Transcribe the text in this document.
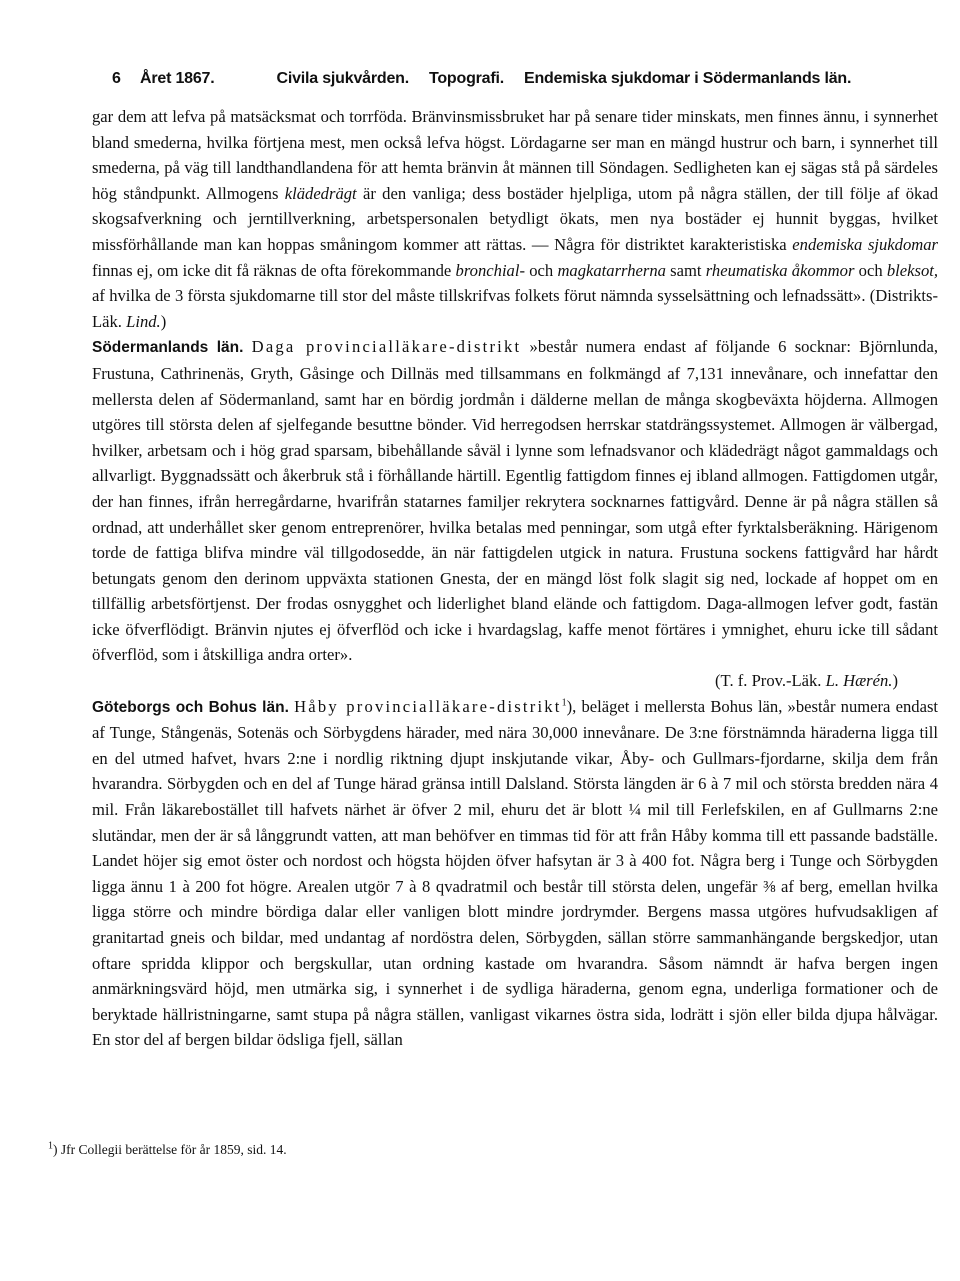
6	Året 1867.	Civila sjukvården. Topografi. Endemiska sjukdomar i Södermanlands län.

gar dem att lefva på matsäcksmat och torrföda. Bränvinsmissbruket har på senare tider minskats, men finnes ännu, i synnerhet bland smederna, hvilka förtjena mest, men också lefva högst. Lördagarne ser man en mängd hustrur och barn, i synnerhet till smederna, på väg till landthandlandena för att hemta bränvin åt männen till Söndagen. Sedligheten kan ej sägas stå på särdeles hög ståndpunkt. Allmogens klädedrägt är den vanliga; dess bostäder hjelpliga, utom på några ställen, der till följe af ökad skogsafverkning och jerntillverkning, arbetspersonalen betydligt ökats, men nya bostäder ej hunnit byggas, hvilket missförhållande man kan hoppas småningom kommer att rättas. — Några för distriktet karakteristiska endemiska sjukdomar finnas ej, om icke dit få räknas de ofta förekommande bronchial- och magkatarrherna samt rheumatiska åkommor och bleksot, af hvilka de 3 första sjukdomarne till stor del måste tillskrifvas folkets förut nämnda sysselsättning och lefnadssätt». (Distrikts-Läk. Lind.)

Södermanlands län. Daga provincialläkare-distrikt »består numera endast af följande 6 socknar: Björnlunda, Frustuna, Cathrinenäs, Gryth, Gåsinge och Dillnäs med tillsammans en folkmängd af 7,131 innevånare, och innefattar den mellersta delen af Södermanland, samt har en bördig jordmån i dälderne mellan de många skogbeväxta höjderna. Allmogen utgöres till största delen af sjelfegande besuttne bönder. Vid herregodsen herrskar statdrängssystemet. Allmogen är välbergad, hvilker, arbetsam och i hög grad sparsam, bibehållande såväl i lynne som lefnadsvanor och klädedrägt något gammaldags och allvarligt. Byggnadssätt och åkerbruk stå i förhållande härtill. Egentlig fattigdom finnes ej ibland allmogen. Fattigdomen utgår, der han finnes, ifrån herregårdarne, hvarifrån statarnes familjer rekrytera socknarnes fattigvård. Denne är på några ställen så ordnad, att underhållet sker genom entreprenörer, hvilka betalas med penningar, som utgå efter fyrktalsberäkning. Härigenom torde de fattiga blifva mindre väl tillgodosedde, än när fattigdelen utgick in natura. Frustuna sockens fattigvård har hårdt betungats genom den derinom uppväxta stationen Gnesta, der en mängd löst folk slagit sig ned, lockade af hoppet om en tillfällig arbetsförtjenst. Der frodas osnygghet och liderlighet bland elände och fattigdom. Daga-allmogen lefver godt, fastän icke öfverflödigt. Bränvin njutes ej öfverflöd och icke i hvardagslag, kaffe menot förtäres i ymnighet, ehuru icke till sådant öfverflöd, som i åtskilliga andra orter».

(T. f. Prov.-Läk. L. Hærén.)

Göteborgs och Bohus län. Håby provincialläkare-distrikt$^1$), beläget i mellersta Bohus län, »består numera endast af Tunge, Stångenäs, Sotenäs och Sörbygdens härader, med nära 30,000 innevånare. De 3:ne förstnämnda häraderna ligga till en del utmed hafvet, hvars 2:ne i nordlig riktning djupt inskjutande vikar, Åby- och Gullmars-fjordarne, skilja dem från hvarandra. Sörbygden och en del af Tunge härad gränsa intill Dalsland. Största längden är 6 à 7 mil och största bredden nära 4 mil. Från läkarebostället till hafvets närhet är öfver 2 mil, ehuru det är blott ¼ mil till Ferlefskilen, en af Gullmarns 2:ne slutändar, men der är så långgrundt vatten, att man behöfver en timmas tid för att från Håby komma till ett passande badställe. Landet höjer sig emot öster och nordost och högsta höjden öfver hafsytan är 3 à 400 fot. Några berg i Tunge och Sörbygden ligga ännu 1 à 200 fot högre. Arealen utgör 7 à 8 qvadratmil och består till största delen, ungefär ⅜ af berg, emellan hvilka ligga större och mindre bördiga dalar eller vanligen blott mindre jordrymder. Bergens massa utgöres hufvudsakligen af granitartad gneis och bildar, med undantag af nordöstra delen, Sörbygden, sällan större sammanhängande bergskedjor, utan oftare spridda klippor och bergskullar, utan ordning kastade om hvarandra. Såsom nämndt är hafva bergen ingen anmärkningsvärd höjd, men utmärka sig, i synnerhet i de sydliga häraderna, genom egna, underliga formationer och de beryktade hällristningarne, samt stupa på några ställen, vanligast vikarnes östra sida, lodrätt i sjön eller bilda djupa hålvägar. En stor del af bergen bildar ödsliga fjell, sällan

$^1$) Jfr Collegii berättelse för år 1859, sid. 14.
